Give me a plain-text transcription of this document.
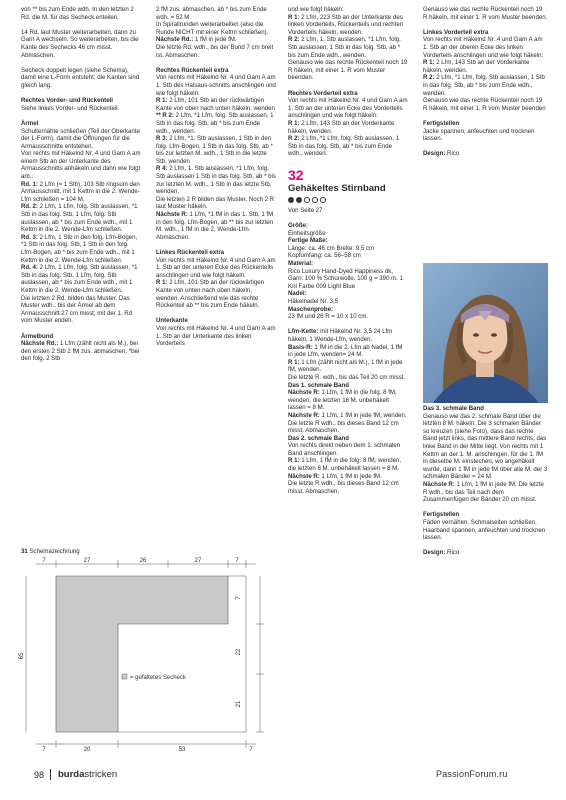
von ** bis zum Ende wdh. In den letzten 2 Rd. die M. für das Secheck enteilen.

14 Rd. laut Muster weiterarbeiten, dann zu Garn A wechseln. So weiterarbeiten, bis die Kante des Sechecks 46 cm misst. Abmaschen.

Secheck doppelt legen (siehe Schema), damit eine L-Form entsteht; die Kanten sind gleich lang.

Rechtes Vorder- und Rückenteil

Siehe linkes Vorder- und Rückenteil.

Ärmel

Schulternähte schließen (Teil der Oberkante der L-Form), damit die Öffnungen für die Armausschnitte entstehen.

Von rechts mit Häkelnd Nr. 4 und Garn A am einem Stb an der Unterkante des Armausschnitts anhäkeln und dann wie folgt arb.:

Rd. 1: 2 Lfm (= 1 Stb), 103 Stb ringsum den Armausschnitt, mit 1 Kettm in die 2. Wende-Lfm schließen = 104 M.

Rd. 2: 2 Lfm, 1 Lfm, folg. Stb auslassen, *1 Stb in das folg. Stb, 1 Lfm, folg. Stb auslassen, ab * bis zum Ende wdh., mit 1 Kettm in die 2. Wende-Lfm schließen.

Rd. 3: 2 Lfm, 1 Stb in den folg. Lfm-Bogen, *1 Stb in das folg. Stb, 1 Stb in den folg. Lfm-Bogen, ab * bis zum Ende wdh., mit 1 Kettm in die 2. Wende-Lfm schließen.

Rd. 4: 2 Lfm, 1 Lfm, folg. Stb auslassen, *1 Stb in das folg. Stb, 1 Lfm, folg. Stb auslassen, ab * bis zum Ende wdh., mit 1 Kettm in die 2. Wende-Lfm schließen.

Die letzten 2 Rd. bilden das Muster. Das Muster wdh., bis der Ärmel ab dem Armausschnitt 27 cm misst; mit der 1. Rd vom Muster enden.

Ärmelbund

Nächste Rd.: 1 Lfm (zählt nicht als M.), bei den ersten 2 Stb 2 fM zus. abmaschen, *bei den folg. 2 Stb

2 fM zus. abmaschen, ab * bis zum Ende wdh. = 52 M.

In Spirallrunden weiterarbeiten (also die Runde NICHT mit einer Kettm schließen).

Nächste Rd.: 1 fM in jede fM.

Die letzte Rd. wdh., bis der Bund 7 cm breit ist. Abmaschen.

Rechtes Rückenteil extra

Von rechts mit Häkelnd Nr. 4 und Garn A am 1. Stb des Halsaus-schnitts anschlingen und wie folgt häkeln:

R 1: 2 Lfm, 101 Stb an der rückwärtigen Kante von oben nach unten häkeln, wenden

** R 2: 2 Lfm, *1 Lfm, folg. Stb auslassen, 1 Stb in das folg. Stb, ab * bis zum Ende wdh., wenden.

R 3: 2 Lfm, *1. Stb auslassen, 1 Stb in den folg. Lfm-Bogen, 1 Stb in das folg. Stb, ab * bis zur letzten M. wdh., 1 Stb in die letzte Stb, wenden

R 4: 2 Lfm, 1. Stb auslassen, *1 Lfm, folg. Stb auslassen 1 Stb in das folg. Stb, ab * bis zur letzten M. wdh., 1 Stb in das letzte Stb, wenden.

Die letzten 2 R bilden das Muster. Noch 2 R laut Muster häkeln.

Nächste R: 1 Lfm, *1 fM in das 1. Stb, 1 fM in den folg. Lfm-Bogen, ab ** bis zur letzten M. wdh., 1 fM in die 2. Wende-Lfm. Abmaschen.

Linkes Rückenteil extra

Von rechts mit Häkelnd Nr. 4 und Garn A am 1. Stb an der unteren Ecke des Rückenteils anschlingen und wie folgt häkeln:

R 1: 2 Lfm, 101 Stb an der rückwärtigen Kante von unten nach oben häkeln, wenden. Anschließend wie das rechte Rückenteil ab ** bis zum Ende häkeln.

Unterkante

Von rechts mit Häkelnd Nr. 4 und Garn A am 1. Stb an der Unterkante des linken Vorderteils

und wie folgt häkeln:

R 1: 2 Lfm, 223 Stb an der Unterkante des linken Vorderteils, Rückenteils und rechten Vorderteils häkeln, wenden.

R 2: 2 Lfm, 1. Stb auslassen, *1 Lfm, folg. Stb auslassen, 1 Stb in das folg. Stb, ab * bis zum Ende wdh., wenden.

Genauso wie das rechte Rückenteil noch 19 R häkeln, mit einer 1. R vom Muster beenden.

Rechtes Vorderteil extra

Von rechts mit Häkelnd Nr. 4 und Garn A am 1. Stb an der unteren Ecke des Vorderteils anschlingen und wie folgt häkeln:

R 1: 2 Lfm, 143 Stb an der Vorderkante häkeln, wenden.

R 2: 2 Lfm, *1 Lfm, folg. Stb auslassen, 1 Stb in das folg. Stb, ab * bis zum Ende wdh., wenden.

32
Gehäkeltes Stirnband

Von Seite 27

Größe:

Einheitsgröße

Fertige Maße:

Länge: ca. 46 cm Breite: 9,5 cm Kopfumfang: ca. 56–58 cm

Material:

Rico Luxury Hand-Dyed Happiness dk, Garn: 100 % Schurwolle. 100 g = 390 m. 1 Knl Farbe 009 Light Blue

Nadel:

Häkelnadel Nr. 3,5

Maschenprobe:

23 fM und 26 R = 10 x 10 cm.

Lfm-Kette: mit Häkelnd Nr. 3,5 24 Lfm häkeln, 1 Wende-Lfm, wenden.

Basis-R: 1 fM in die 2. Lfm ab Nadel, 1 fM in jede Lfm, wenden= 24 M.

R 1: 1 Lfm (zählt nicht als M.), 1 fM in jede fM, wenden.

Die letzte R. wdh., bis das Teil 20 cm misst.

Das 1. schmale Band

Nächste R: 1 Lfm, 1 fM in die folg. 8 fM, wenden, die letzten 16 M. unbehäkelt lassen = 8 M.

Nächste R: 1 Lfm, 1 fM in jede fM, wenden.

Die letzte R wdh., bis dieses Band 12 cm misst. Abmaschen.

Das 2. schmale Band

Von rechts direkt neben dem 1. schmalen Band anschlingen.

R 1: 1 Lfm, 1 fM in die folg. 8 fM, wenden, die letzten 8 M. unbehäkelt lassen = 8 M.

Nächste R: 1 Lfm, 1 fM in jede fM.

Die letzte R wdh., bis dieses Band 12 cm misst. Abmaschen.

Genauso wie das rechte Rückenteil noch 19 R häkeln, mit einer 1. R vom Muster beenden.

Linkes Vorderteil extra

Von rechts mit Häkelnd Nr. 4 und Garn A am 1. Stb an der oberen Ecke des linken Vorderteils anschlingen und wie folgt häkeln:

R 1: 2 Lfm, 143 Stb an der Vorderkante häkeln, wenden.

R 2: 2 Lfm, *1 Lfm, folg. Stb auslassen, 1 Stb in das folg. Stb, ab * bis zum Ende wdh., wenden.

Genauso wie das rechte Rückenteil noch 19 R häkeln, mit einer 1. R vom Muster beenden

Fertigstellen

Jacke spannen, anfeuchten und trocknen lassen.

Design: Rico

Das 3. schmale Band

Genauso wie das 2. schmale Band über die letzten 8 M. häkeln. Die 3 schmalen Bänder so kreuzen (siehe Foto), dass das rechte Band jetzt links, das mittlere Band rechts, das linke Band in der Mitte liegt. Von rechts mit 1 Kettm an der 1. M. anschlingen, für die 1. fM in dieselbe M. einstechen, wo angehäkelt wurde, dann 1 fM in jede fM über alle M. der 3 schmalen Bänder = 24 M.

Nächste R: 1 Lfm, 1 fM in jede fM. Die letzte R wdh., bis das Teil nach dem Zusammenfügen der Bänder 20 cm misst.

Fertigstellen

Fäden vernähen. Schmalseiten schließen. Haarband spannen, anfeuchten und trocknen lassen.

Design: Rico

31 Schemazeichnung
7	27	26	27	7
7	20	53	7
65
22
21
7
= gefaltetes Secheck
98 burdastricken	PassionForum.ru
